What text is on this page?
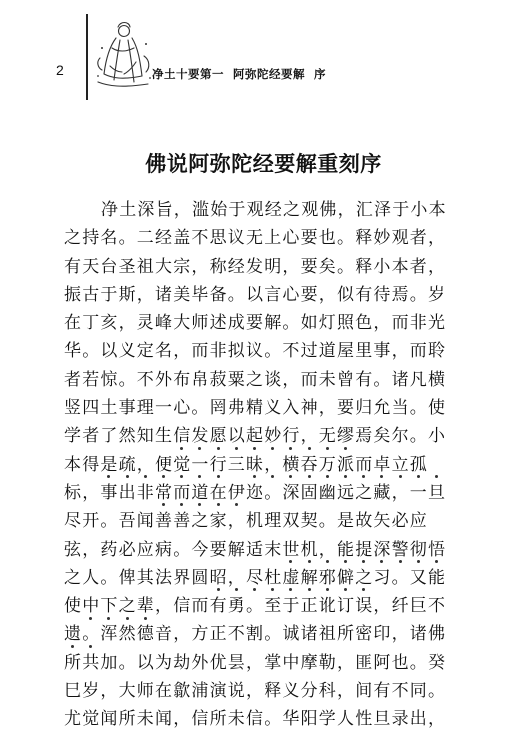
2	净土十要第一  阿弥陀经要解  序
佛说阿弥陀经要解重刻序
净土深旨，滥始于观经之观佛，汇泽于小本
之持名。二经盖不思议无上心要也。释妙观者，
有天台圣祖大宗，称经发明，要矣。释小本者，
振古于斯，诸美毕备。以言心要，似有待焉。岁
在丁亥，灵峰大师述成要解。如灯照色，而非光
华。以义定名，而非拟议。不过道屋里事，而聆
者若惊。不外布帛菽粟之谈，而未曾有。诸凡横
竖四土事理一心。罔弗精义入神，要归允当。使
学者了然知生信发愿以起妙行，无缪焉矣尔。小
本得是疏，便觉一行三昧，横吞万派而卓立孤
标，事出非常而道在伊迩。深固幽远之藏，一旦
尽开。吾闻善善之家，机理双契。是故矢必应
弦，药必应病。今要解适末世机，能提深警彻悟
之人。俾其法界圆昭，尽杜虚解邪僻之习。又能
使中下之辈，信而有勇。至于正讹订误，纤巨不
遗。浑然德音，方正不割。诚诸祖所密印，诸佛
所共加。以为劫外优昙，掌中摩勒，匪阿也。癸
巳岁，大师在歙浦演说，释义分科，间有不同。
尤觉闻所未闻，信所未信。华阳学人性旦录出，
